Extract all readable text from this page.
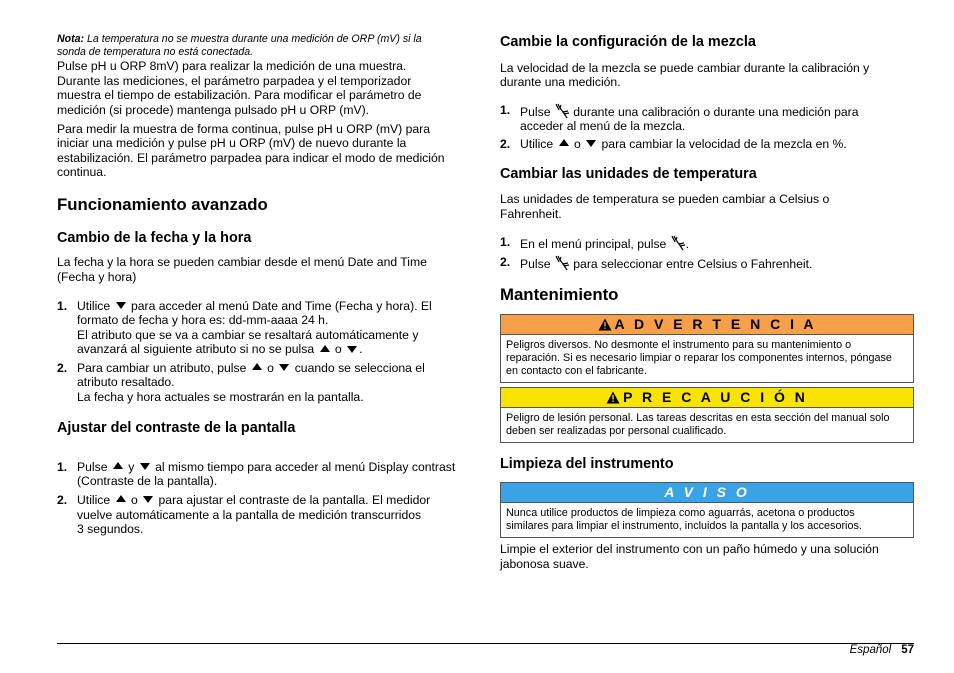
Nota: La temperatura no se muestra durante una medición de ORP (mV) si la

sonda de temperatura no está conectada.

Pulse pH u ORP 8mV) para realizar la medición de una muestra.

Durante las mediciones, el parámetro parpadea y el temporizador

muestra el tiempo de estabilización. Para modificar el parámetro de

medición (si procede) mantenga pulsado pH u ORP (mV).

Para medir la muestra de forma continua, pulse pH u ORP (mV) para

iniciar una medición y pulse pH u ORP (mV) de nuevo durante la

estabilización. El parámetro parpadea para indicar el modo de medición

continua.

Funcionamiento avanzado
Cambio de la fecha y la hora

La fecha y la hora se pueden cambiar desde el menú Date and Time

(Fecha y hora)

1. Utilice  para acceder al menú Date and Time (Fecha y hora). El
formato de fecha y hora es: dd-mm-aaaa 24 h.
El atributo que se va a cambiar se resaltará automáticamente y
avanzará al siguiente atributo si no se pulsa  o .
2. Para cambiar un atributo, pulse  o  cuando se selecciona el
atributo resaltado.
La fecha y hora actuales se mostrarán en la pantalla.
Ajustar del contraste de la pantalla
1. Pulse  y  al mismo tiempo para acceder al menú Display contrast
(Contraste de la pantalla).
2. Utilice  o  para ajustar el contraste de la pantalla. El medidor
vuelve automáticamente a la pantalla de medición transcurridos
3 segundos.
Cambie la configuración de la mezcla

La velocidad de la mezcla se puede cambiar durante la calibración y

durante una medición.

1. Pulse  durante una calibración o durante una medición para
acceder al menú de la mezcla.
2. Utilice  o  para cambiar la velocidad de la mezcla en %.
Cambiar las unidades de temperatura

Las unidades de temperatura se pueden cambiar a Celsius o

Fahrenheit.

1. En el menú principal, pulse .
2. Pulse  para seleccionar entre Celsius o Fahrenheit.
Mantenimiento
A D V E R T E N C I A
Peligros diversos. No desmonte el instrumento para su mantenimiento o
reparación. Si es necesario limpiar o reparar los componentes internos, póngase
en contacto con el fabricante.
P R E C A U C I Ó N
Peligro de lesión personal. Las tareas descritas en esta sección del manual solo
deben ser realizadas por personal cualificado.
Limpieza del instrumento
A V I S O
Nunca utilice productos de limpieza como aguarrás, acetona o productos
similares para limpiar el instrumento, incluidos la pantalla y los accesorios.

Limpie el exterior del instrumento con un paño húmedo y una solución

jabonosa suave.

Español 57
